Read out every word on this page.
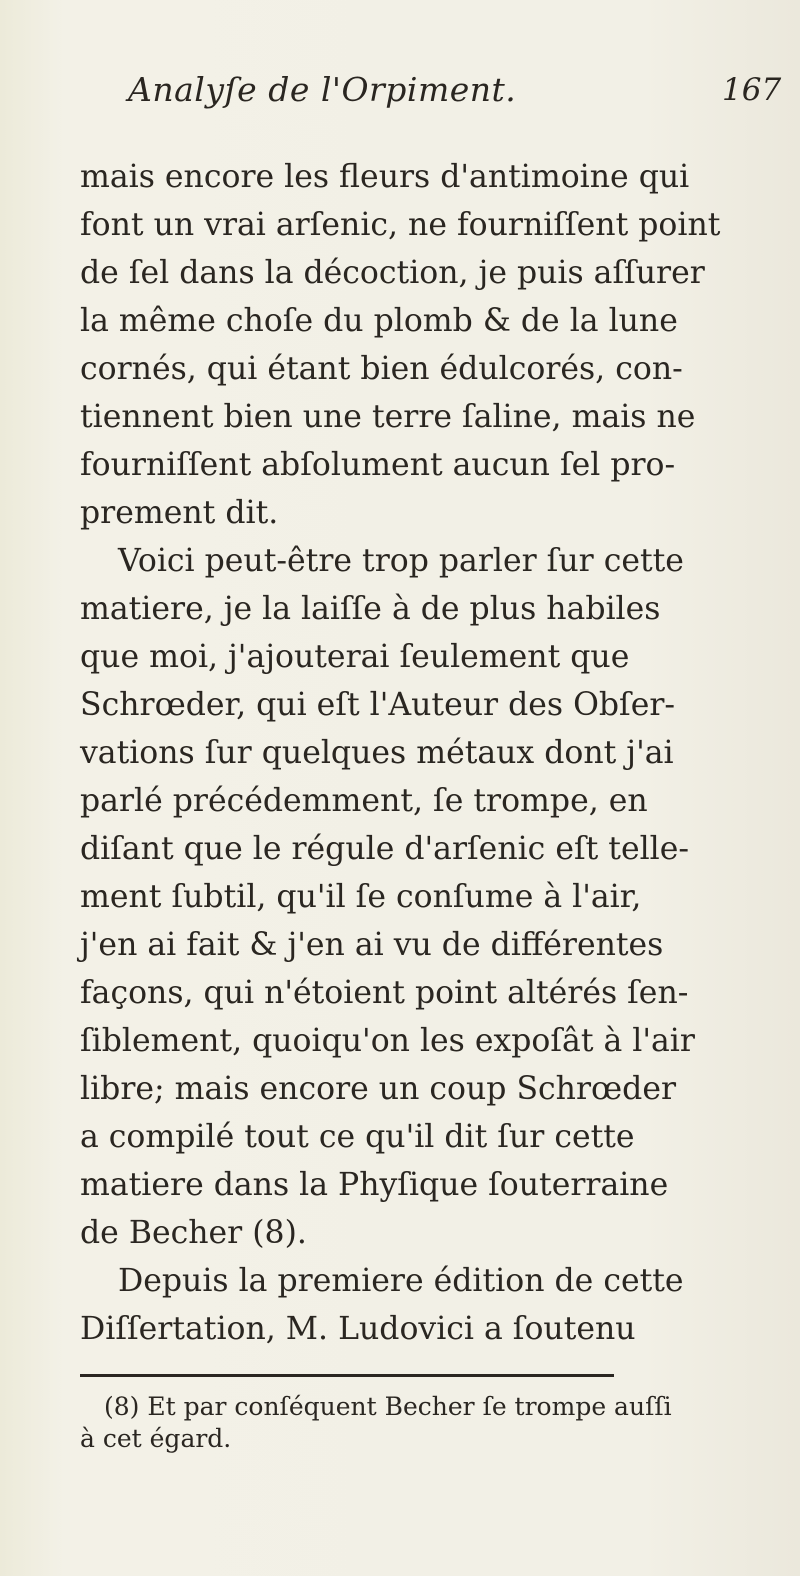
Analyſe de l'Orpiment.	167
mais encore les fleurs d'antimoine qui
font un vrai arſenic, ne fourniſſent point
de ſel dans la décoction, je puis aſſurer
la même choſe du plomb & de la lune
cornés, qui étant bien édulcorés, con-
tiennent bien une terre ſaline, mais ne
fourniſſent abſolument aucun ſel pro-
prement dit.
Voici peut-être trop parler ſur cette
matiere, je la laiſſe à de plus habiles
que moi, j'ajouterai ſeulement que
Schrœder, qui eſt l'Auteur des Obſer-
vations ſur quelques métaux dont j'ai
parlé précédemment, ſe trompe, en
diſant que le régule d'arſenic eſt telle-
ment ſubtil, qu'il ſe conſume à l'air,
j'en ai fait & j'en ai vu de différentes
façons, qui n'étoient point altérés ſen-
ſiblement, quoiqu'on les expoſât à l'air
libre; mais encore un coup Schrœder
a compilé tout ce qu'il dit ſur cette
matiere dans la Phyſique ſouterraine
de Becher (8).
Depuis la premiere édition de cette
Diſſertation, M. Ludovici a ſoutenu
(8) Et par conſéquent Becher ſe trompe auſſi
à cet égard.
